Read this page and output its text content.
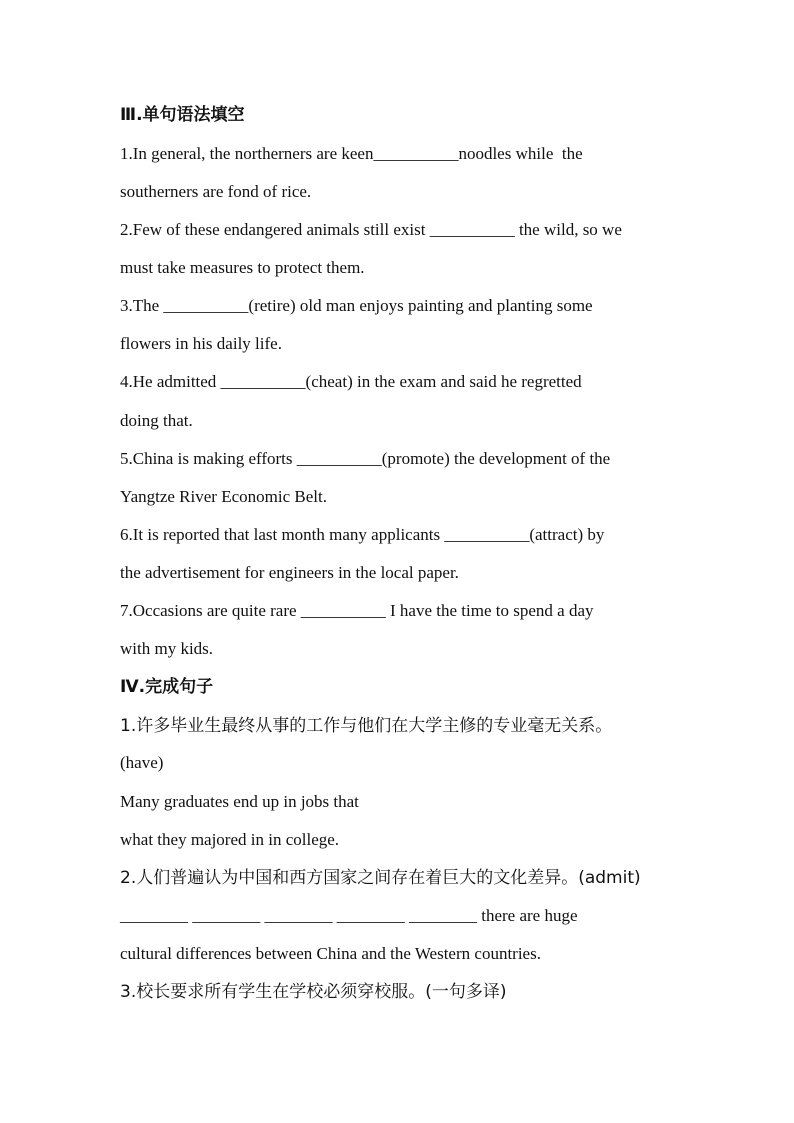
Ⅲ.单句语法填空
1.In general, the northerners are keen__________noodles while  the
southerners are fond of rice.
2.Few of these endangered animals still exist __________ the wild, so we
must take measures to protect them.
3.The __________(retire) old man enjoys painting and planting some
flowers in his daily life.
4.He admitted __________(cheat) in the exam and said he regretted
doing that.
5.China is making efforts __________(promote) the development of the
Yangtze River Economic Belt.
6.It is reported that last month many applicants __________(attract) by
the advertisement for engineers in the local paper.
7.Occasions are quite rare __________ I have the time to spend a day
with my kids.
Ⅳ.完成句子
1.许多毕业生最终从事的工作与他们在大学主修的专业毫无关系。
(have)
Many graduates end up in jobs that
what they majored in in college.
2.人们普遍认为中国和西方国家之间存在着巨大的文化差异。(admit)
________ ________ ________ ________ ________ there are huge
cultural differences between China and the Western countries.
3.校长要求所有学生在学校必须穿校服。(一句多译)
